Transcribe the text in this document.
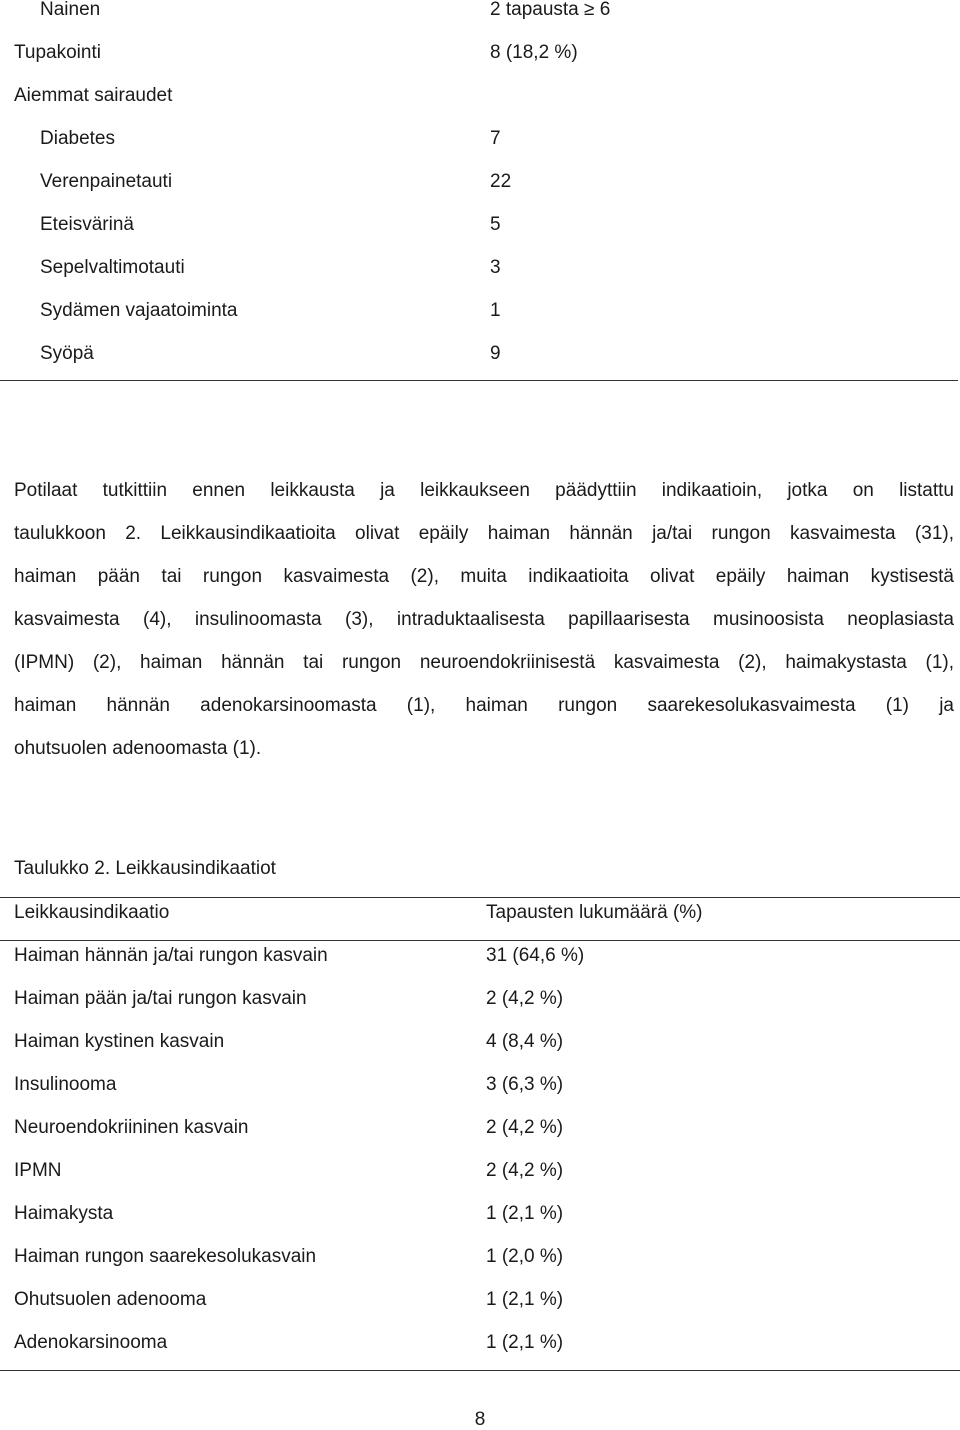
Nainen	2 tapausta ≥ 6
Tupakointi	8 (18,2 %)
Aiemmat sairaudet
Diabetes	7
Verenpainetauti	22
Eteisvärinä	5
Sepelvaltimotauti	3
Sydämen vajaatoiminta	1
Syöpä	9
Potilaat tutkittiin ennen leikkausta ja leikkaukseen päädyttiin indikaatioin, jotka on listattu
taulukkoon 2. Leikkausindikaatioita olivat epäily haiman hännän ja/tai rungon kasvaimesta (31),
haiman pään tai rungon kasvaimesta (2), muita indikaatioita olivat epäily haiman kystisestä
kasvaimesta (4), insulinoomasta (3), intraduktaalisesta papillaarisesta musinoosista neoplasiasta
(IPMN) (2), haiman hännän tai rungon neuroendokriinisestä kasvaimesta (2), haimakystasta (1),
haiman hännän adenokarsinoomasta (1), haiman rungon saarekesolukasvaimesta (1) ja
ohutsuolen adenoomasta (1).
Taulukko 2. Leikkausindikaatiot
Leikkausindikaatio	Tapausten lukumäärä (%)
Haiman hännän ja/tai rungon kasvain	31 (64,6 %)
Haiman pään ja/tai rungon kasvain	2 (4,2 %)
Haiman kystinen kasvain	4 (8,4 %)
Insulinooma	3 (6,3 %)
Neuroendokriininen kasvain	2 (4,2 %)
IPMN	2 (4,2 %)
Haimakysta	1 (2,1 %)
Haiman rungon saarekesolukasvain	1 (2,0 %)
Ohutsuolen adenooma	1 (2,1 %)
Adenokarsinooma	1 (2,1 %)
8
